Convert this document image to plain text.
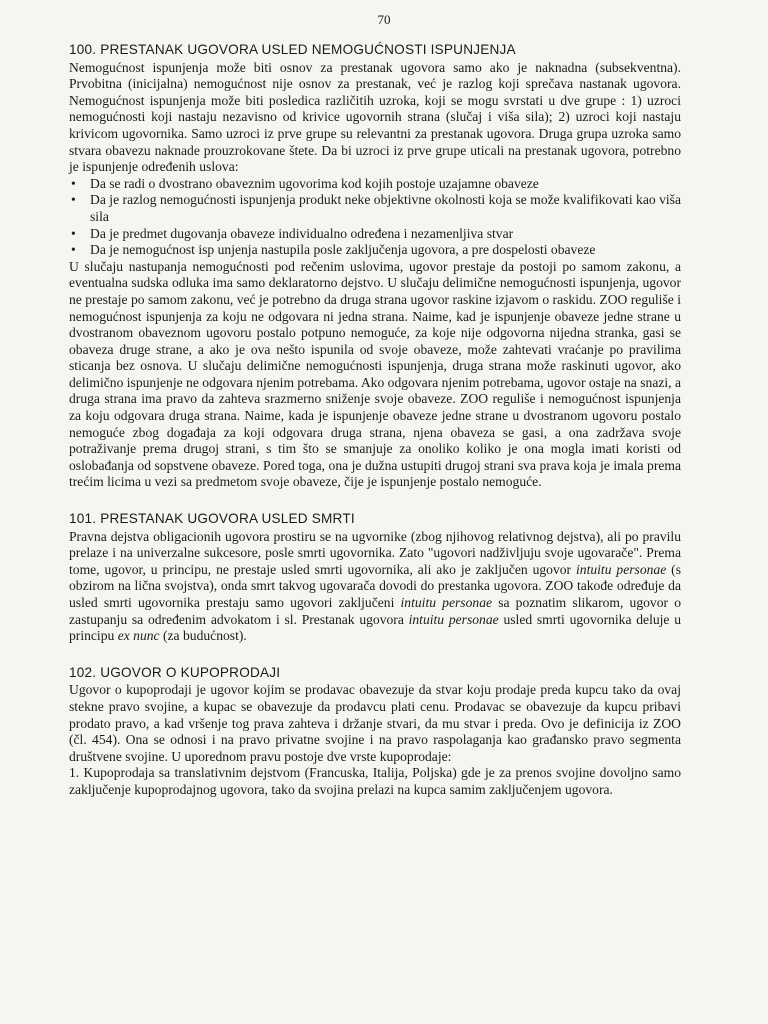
70
100. PRESTANAK UGOVORA USLED NEMOGUĆNOSTI ISPUNJENJA

Nemogućnost ispunjenja može biti osnov za prestanak ugovora samo ako je naknadna (subsekventna). Prvobitna (inicijalna) nemogućnost nije osnov za prestanak, već je razlog koji sprečava nastanak ugovora. Nemogućnost ispunjenja može biti posledica različitih uzroka, koji se mogu svrstati u dve grupe : 1) uzroci nemogućnosti koji nastaju nezavisno od krivice ugovornih strana (slučaj i viša sila); 2) uzroci koji nastaju krivicom ugovornika. Samo uzroci iz prve grupe su relevantni za prestanak ugovora. Druga grupa uzroka samo stvara obavezu naknade prouzrokovane štete. Da bi uzroci iz prve grupe uticali na prestanak ugovora, potrebno je ispunjenje određenih uslova:

• Da se radi o dvostrano obaveznim ugovorima kod kojih postoje uzajamne obaveze
• Da je razlog nemogućnosti ispunjenja produkt neke objektivne okolnosti koja se može kvalifikovati kao viša sila
• Da je predmet dugovanja obaveze individualno određena i nezamenljiva stvar
• Da je nemogućnost isp unjenja nastupila posle zaključenja ugovora, a pre dospelosti obaveze

U slučaju nastupanja nemogućnosti pod rečenim uslovima, ugovor prestaje da postoji po samom zakonu, a eventualna sudska odluka ima samo deklaratorno dejstvo. U slučaju delimične nemogućnosti ispunjenja, ugovor ne prestaje po samom zakonu, već je potrebno da druga strana ugovor raskine izjavom o raskidu. ZOO reguliše i nemogućnost ispunjenja za koju ne odgovara ni jedna strana. Naime, kad je ispunjenje obaveze jedne strane u dvostranom obaveznom ugovoru postalo potpuno nemoguće, za koje nije odgovorna nijedna stranka, gasi se obaveza druge strane, a ako je ova nešto ispunila od svoje obaveze, može zahtevati vraćanje po pravilima sticanja bez osnova. U slučaju delimične nemogućnosti ispunjenja, druga strana može raskinuti ugovor, ako delimično ispunjenje ne odgovara njenim potrebama. Ako odgovara njenim potrebama, ugovor ostaje na snazi, a druga strana ima pravo da zahteva srazmerno sniženje svoje obaveze. ZOO reguliše i nemogućnost ispunjenja za koju odgovara druga strana. Naime, kada je ispunjenje obaveze jedne strane u dvostranom ugovoru postalo nemoguće zbog događaja za koji odgovara druga strana, njena obaveza se gasi, a ona zadržava svoje potraživanje prema drugoj strani, s tim što se smanjuje za onoliko koliko je ona mogla imati koristi od oslobađanja od sopstvene obaveze. Pored toga, ona je dužna ustupiti drugoj strani sva prava koja je imala prema trećim licima u vezi sa predmetom svoje obaveze, čije je ispunjenje postalo nemoguće.

101. PRESTANAK UGOVORA USLED SMRTI

Pravna dejstva obligacionih ugovora prostiru se na ugvornike (zbog njihovog relativnog dejstva), ali po pravilu prelaze i na univerzalne sukcesore, posle smrti ugovornika. Zato "ugovori nadživljuju svoje ugovarače". Prema tome, ugovor, u principu, ne prestaje usled smrti ugovornika, ali ako je zaključen ugovor intuitu personae (s obzirom na lična svojstva), onda smrt takvog ugovarača dovodi do prestanka ugovora. ZOO takođe određuje da usled smrti ugovornika prestaju samo ugovori zaključeni intuitu personae sa poznatim slikarom, ugovor o zastupanju sa određenim advokatom i sl. Prestanak ugovora intuitu personae usled smrti ugovornika deluje u principu ex nunc (za budućnost).

102. UGOVOR O KUPOPRODAJI

Ugovor o kupoprodaji je ugovor kojim se prodavac obavezuje da stvar koju prodaje preda kupcu tako da ovaj stekne pravo svojine, a kupac se obavezuje da prodavcu plati cenu. Prodavac se obavezuje da kupcu pribavi prodato pravo, a kad vršenje tog prava zahteva i držanje stvari, da mu stvar i preda. Ovo je definicija iz ZOO (čl. 454). Ona se odnosi i na pravo privatne svojine i na pravo raspolaganja kao građansko pravo segmenta društvene svojine. U uporednom pravu postoje dve vrste kupoprodaje:

1. Kupoprodaja sa translativnim dejstvom (Francuska, Italija, Poljska) gde je za prenos svojine dovoljno samo zaključenje kupoprodajnog ugovora, tako da svojina prelazi na kupca samim zaključenjem ugovora.
